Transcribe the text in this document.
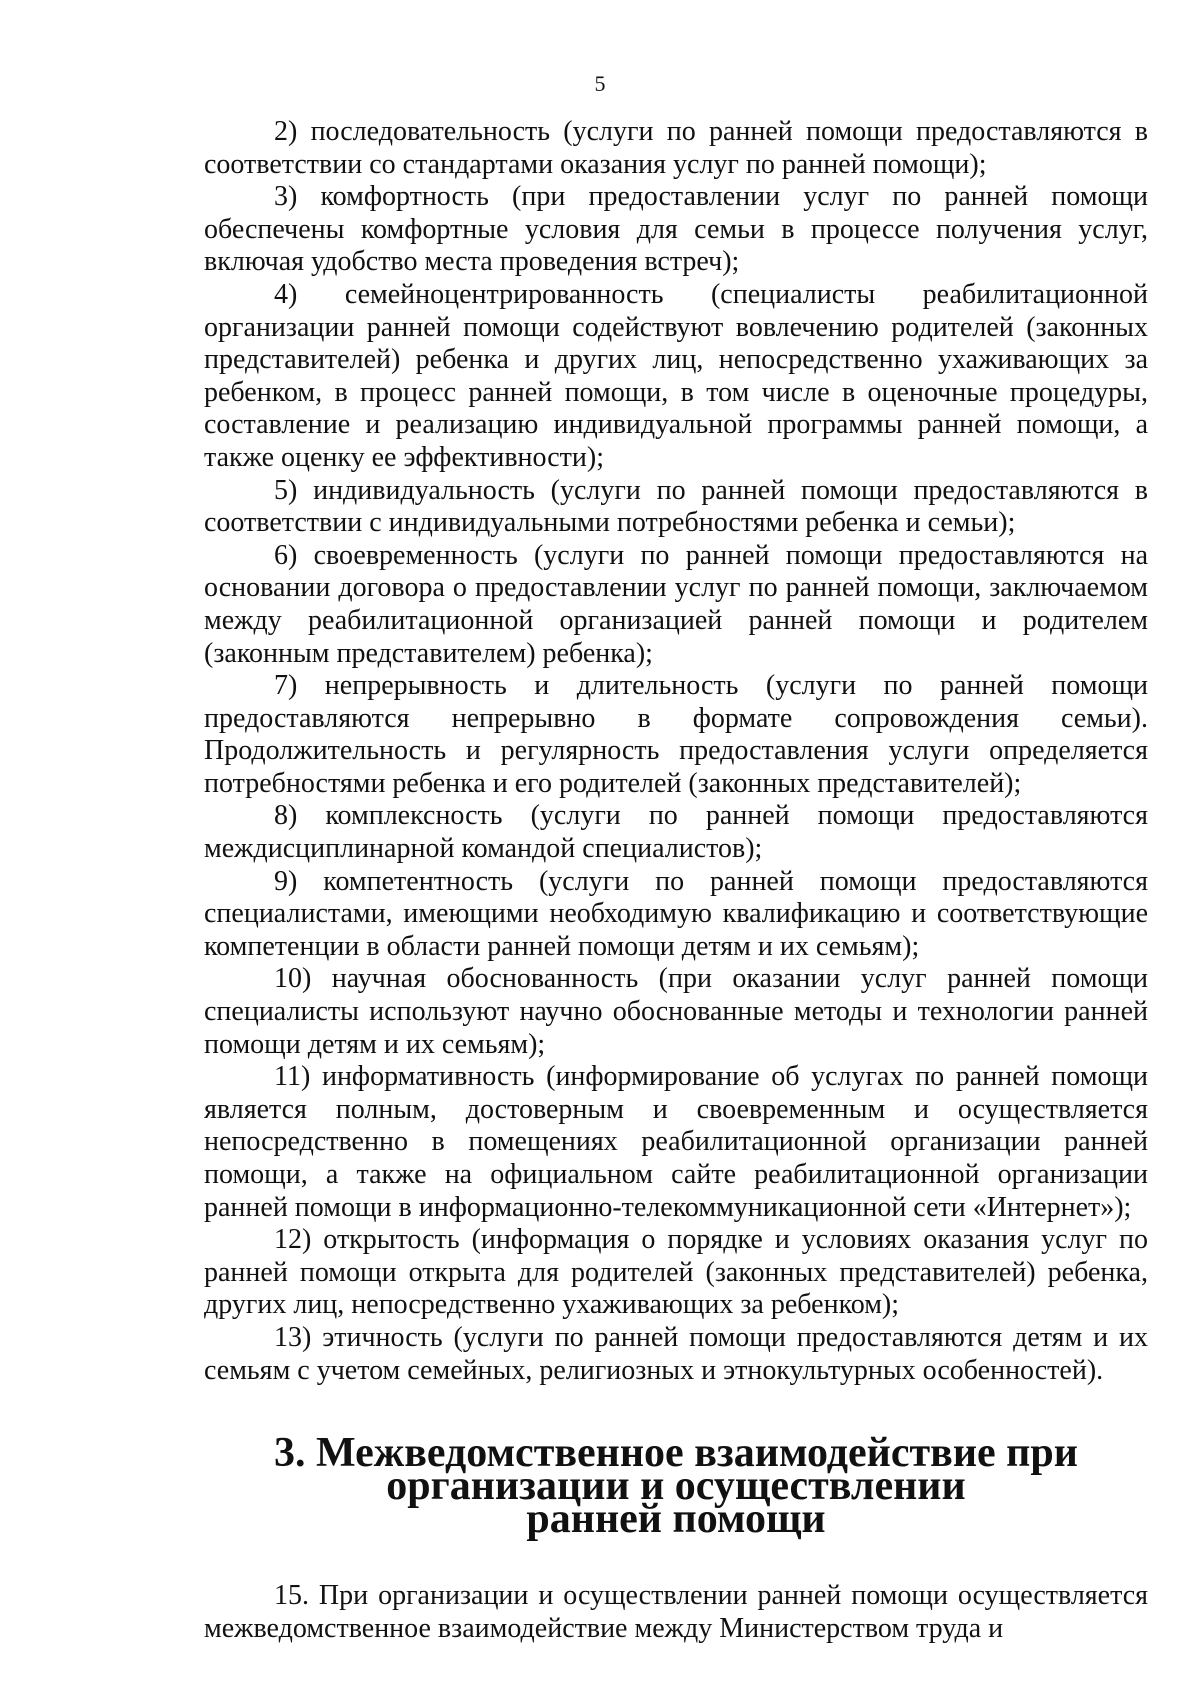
5

2) последовательность (услуги по ранней помощи предоставляются в соответствии со стандартами оказания услуг по ранней помощи);

3) комфортность (при предоставлении услуг по ранней помощи обеспечены комфортные условия для семьи в процессе получения услуг, включая удобство места проведения встреч);

4) семейноцентрированность (специалисты реабилитационной организации ранней помощи содействуют вовлечению родителей (законных представителей) ребенка и других лиц, непосредственно ухаживающих за ребенком, в процесс ранней помощи, в том числе в оценочные процедуры, составление и реализацию индивидуальной программы ранней помощи, а также оценку ее эффективности);

5) индивидуальность (услуги по ранней помощи предоставляются в соответствии с индивидуальными потребностями ребенка и семьи);

6) своевременность (услуги по ранней помощи предоставляются на основании договора о предоставлении услуг по ранней помощи, заключаемом между реабилитационной организацией ранней помощи и родителем (законным представителем) ребенка);

7) непрерывность и длительность (услуги по ранней помощи предоставляются непрерывно в формате сопровождения семьи). Продолжительность и регулярность предоставления услуги определяется потребностями ребенка и его родителей (законных представителей);

8) комплексность (услуги по ранней помощи предоставляются междисциплинарной командой специалистов);

9) компетентность (услуги по ранней помощи предоставляются специалистами, имеющими необходимую квалификацию и соответствующие компетенции в области ранней помощи детям и их семьям);

10) научная обоснованность (при оказании услуг ранней помощи специалисты используют научно обоснованные методы и технологии ранней помощи детям и их семьям);

11) информативность (информирование об услугах по ранней помощи является полным, достоверным и своевременным и осуществляется непосредственно в помещениях реабилитационной организации ранней помощи, а также на официальном сайте реабилитационной организации ранней помощи в информационно-телекоммуникационной сети «Интернет»);

12) открытость (информация о порядке и условиях оказания услуг по ранней помощи открыта для родителей (законных представителей) ребенка, других лиц, непосредственно ухаживающих за ребенком);

13) этичность (услуги по ранней помощи предоставляются детям и их семьям с учетом семейных, религиозных и этнокультурных особенностей).

3. Межведомственное взаимодействие при организации и осуществлении
ранней помощи

15. При организации и осуществлении ранней помощи осуществляется межведомственное взаимодействие между Министерством труда и
